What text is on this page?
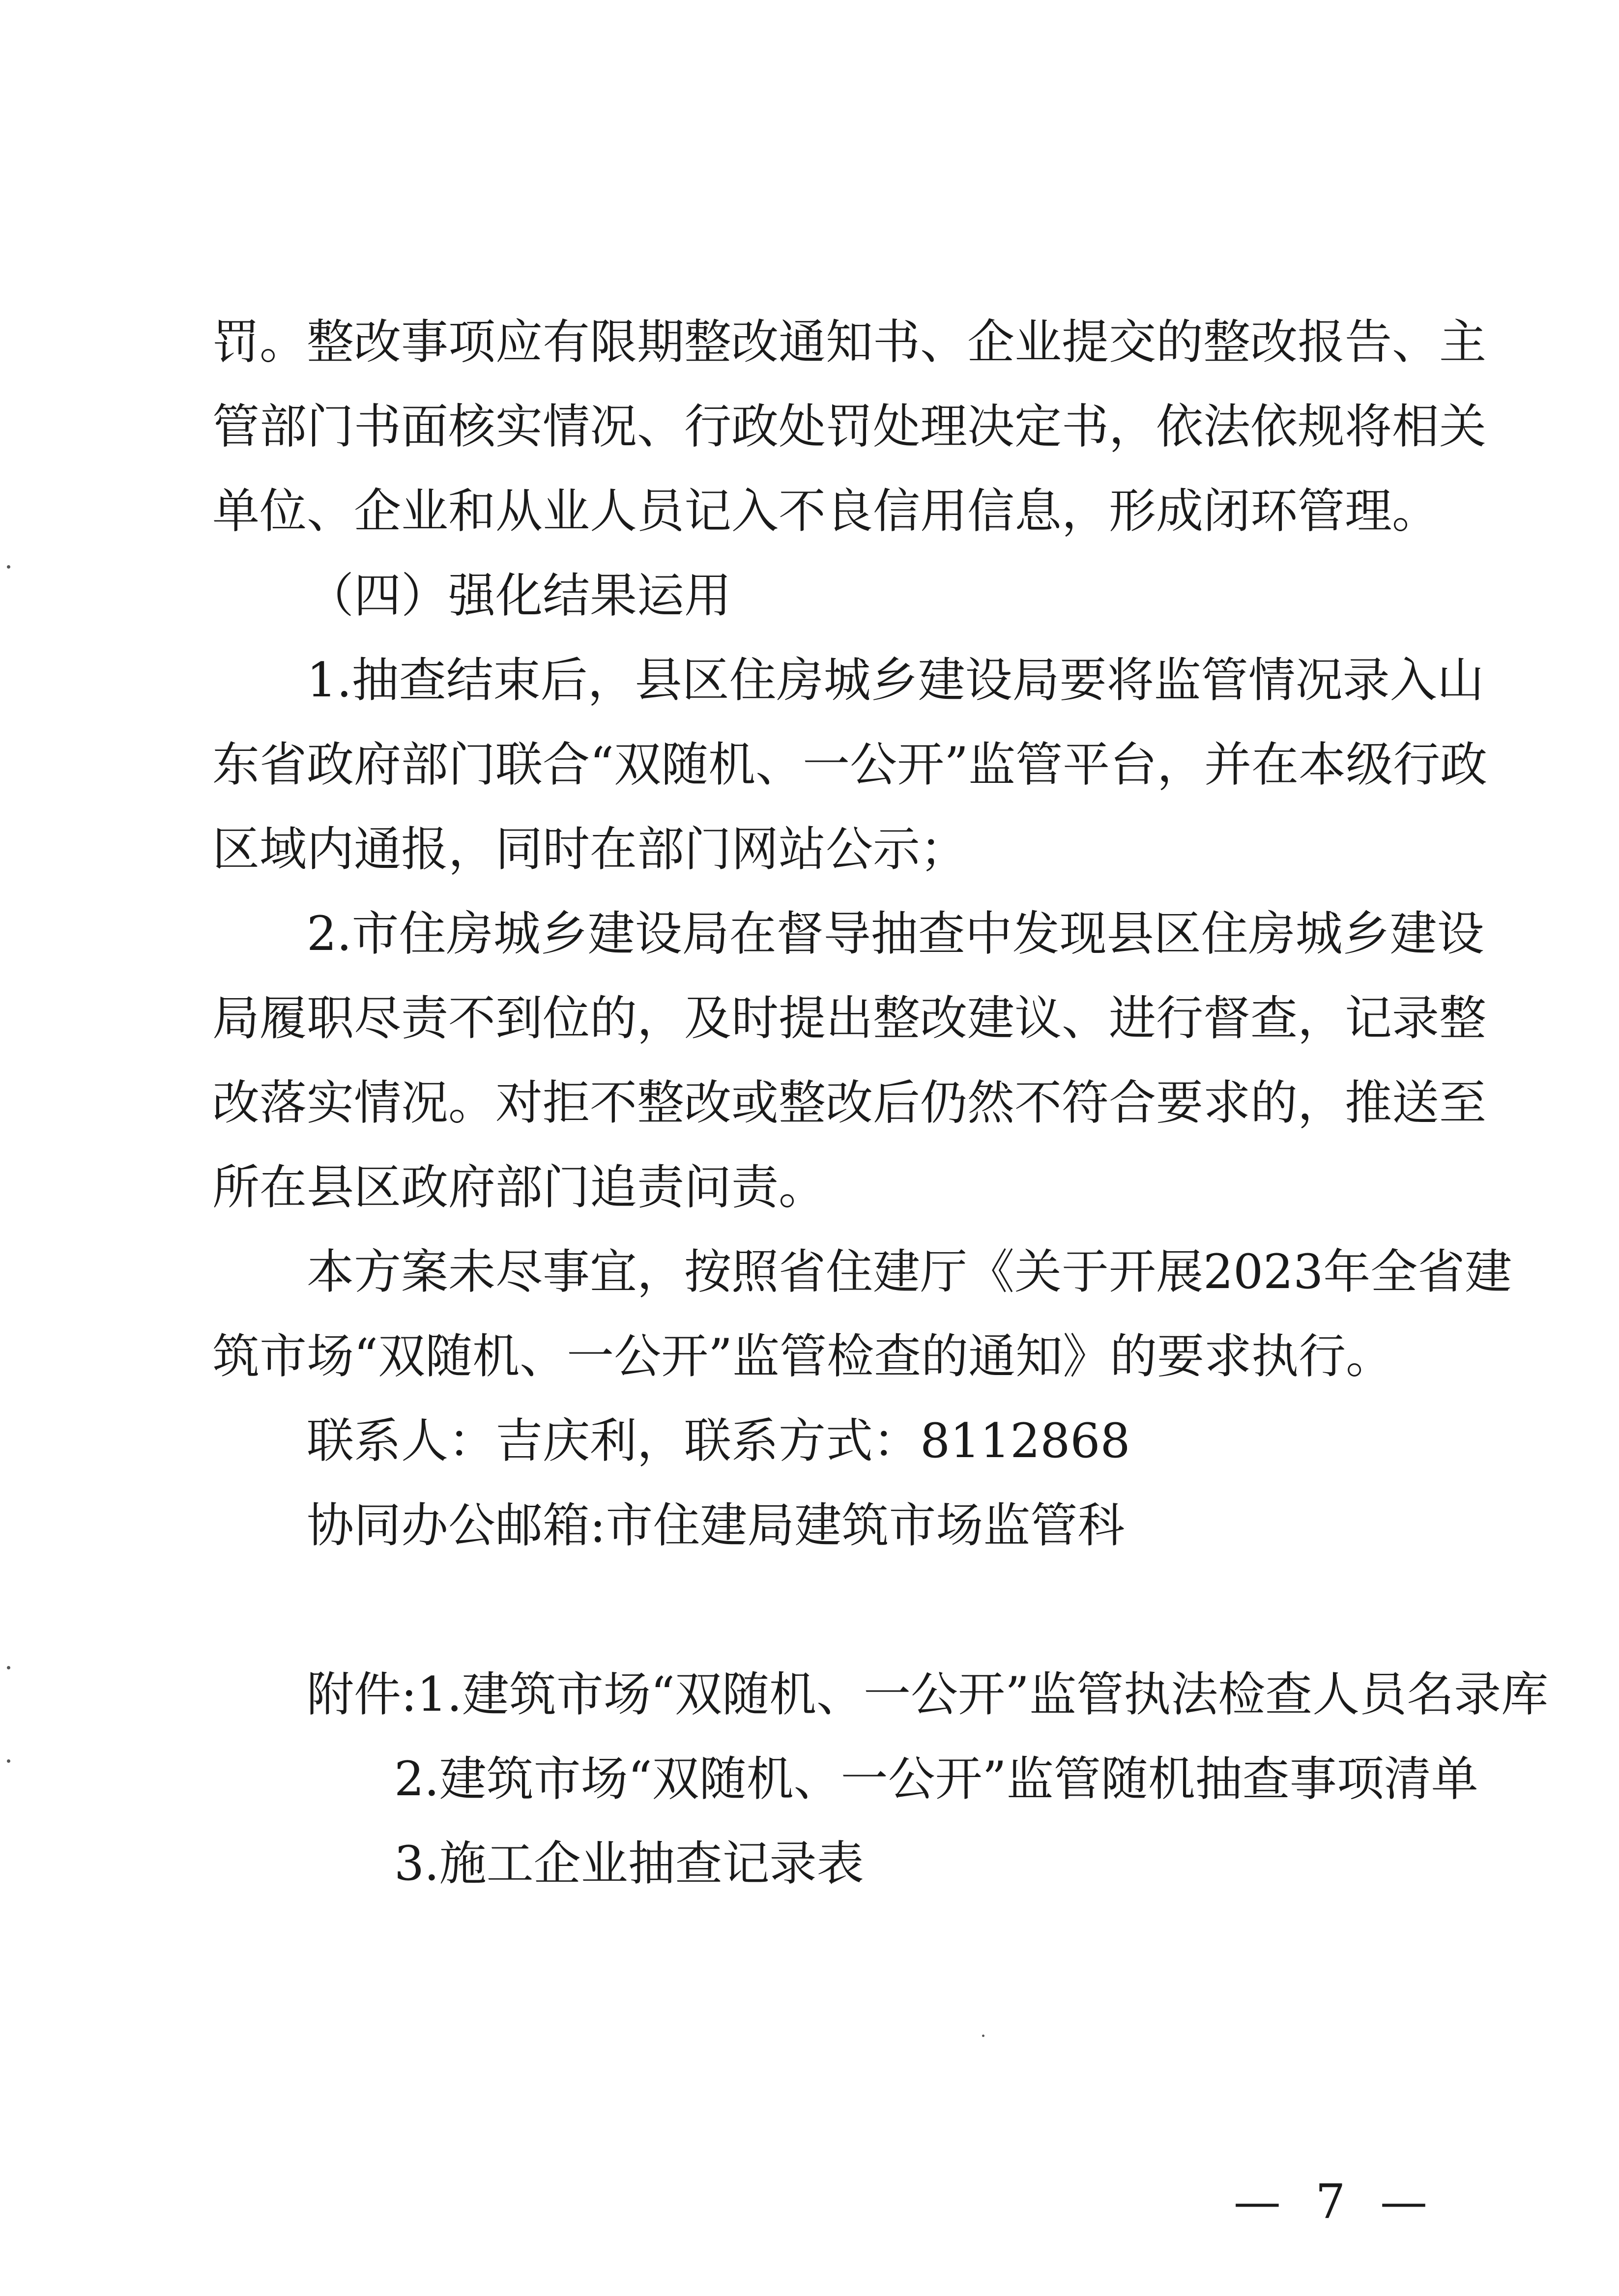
罚。整改事项应有限期整改通知书、企业提交的整改报告、主
管部门书面核实情况、行政处罚处理决定书，依法依规将相关
单位、企业和从业人员记入不良信用信息，形成闭环管理。
（四）强化结果运用
1.抽查结束后，县区住房城乡建设局要将监管情况录入山
东省政府部门联合“双随机、一公开”监管平台，并在本级行政
区域内通报，同时在部门网站公示；
2.市住房城乡建设局在督导抽查中发现县区住房城乡建设
局履职尽责不到位的，及时提出整改建议、进行督查，记录整
改落实情况。对拒不整改或整改后仍然不符合要求的，推送至
所在县区政府部门追责问责。
本方案未尽事宜，按照省住建厅《关于开展2023年全省建
筑市场“双随机、一公开”监管检查的通知》的要求执行。
联系人：吉庆利，联系方式：8112868
协同办公邮箱:市住建局建筑市场监管科
附件:1.建筑市场“双随机、一公开”监管执法检查人员名录库
2.建筑市场“双随机、一公开”监管随机抽查事项清单
3.施工企业抽查记录表
— 7 —
